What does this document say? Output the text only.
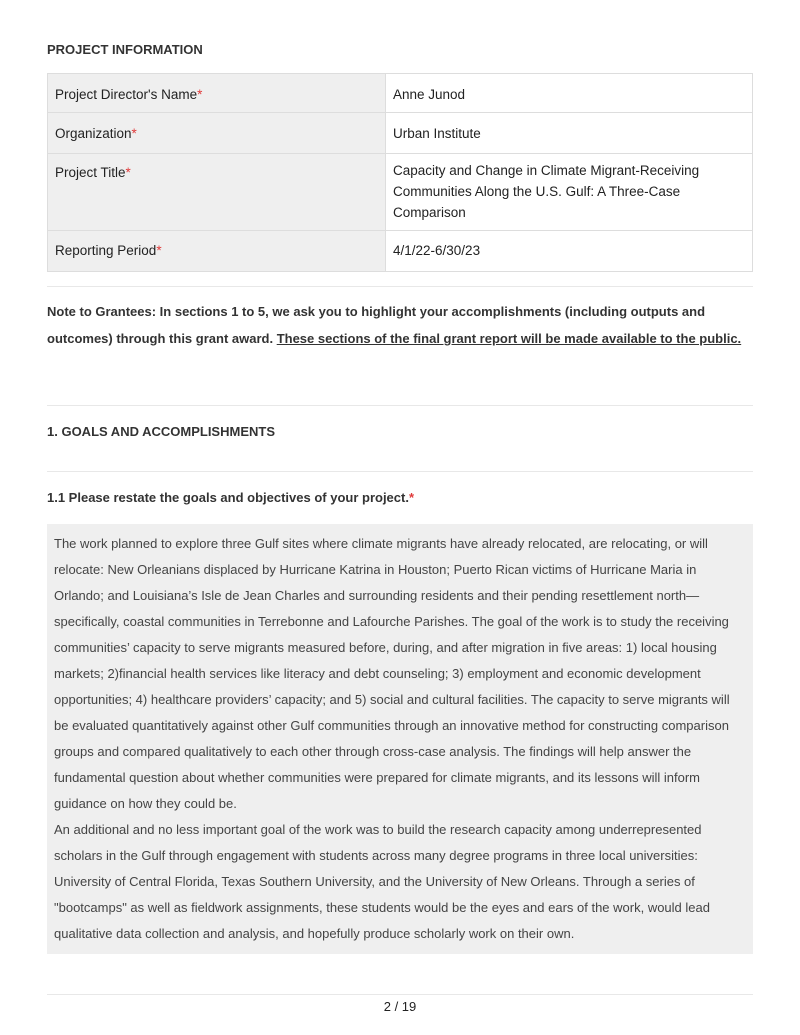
PROJECT INFORMATION
Project Director's Name*	Anne Junod
Organization*	Urban Institute
Project Title*	Capacity and Change in Climate Migrant-Receiving Communities Along the U.S. Gulf: A Three-Case Comparison
Reporting Period*	4/1/22-6/30/23
Note to Grantees: In sections 1 to 5, we ask you to highlight your accomplishments (including outputs and outcomes) through this grant award. These sections of the final grant report will be made available to the public.
1. GOALS AND ACCOMPLISHMENTS
1.1 Please restate the goals and objectives of your project.*

The work planned to explore three Gulf sites where climate migrants have already relocated, are relocating, or will relocate: New Orleanians displaced by Hurricane Katrina in Houston; Puerto Rican victims of Hurricane Maria in Orlando; and Louisiana’s Isle de Jean Charles and surrounding residents and their pending resettlement north—specifically, coastal communities in Terrebonne and Lafourche Parishes. The goal of the work is to study the receiving communities’ capacity to serve migrants measured before, during, and after migration in five areas: 1) local housing markets; 2)financial health services like literacy and debt counseling; 3) employment and economic development opportunities; 4) healthcare providers’ capacity; and 5) social and cultural facilities. The capacity to serve migrants will be evaluated quantitatively against other Gulf communities through an innovative method for constructing comparison groups and compared qualitatively to each other through cross-case analysis. The findings will help answer the fundamental question about whether communities were prepared for climate migrants, and its lessons will inform guidance on how they could be.

An additional and no less important goal of the work was to build the research capacity among underrepresented scholars in the Gulf through engagement with students across many degree programs in three local universities: University of Central Florida, Texas Southern University, and the University of New Orleans. Through a series of "bootcamps" as well as fieldwork assignments, these students would be the eyes and ears of the work, would lead qualitative data collection and analysis, and hopefully produce scholarly work on their own.

2 / 19
